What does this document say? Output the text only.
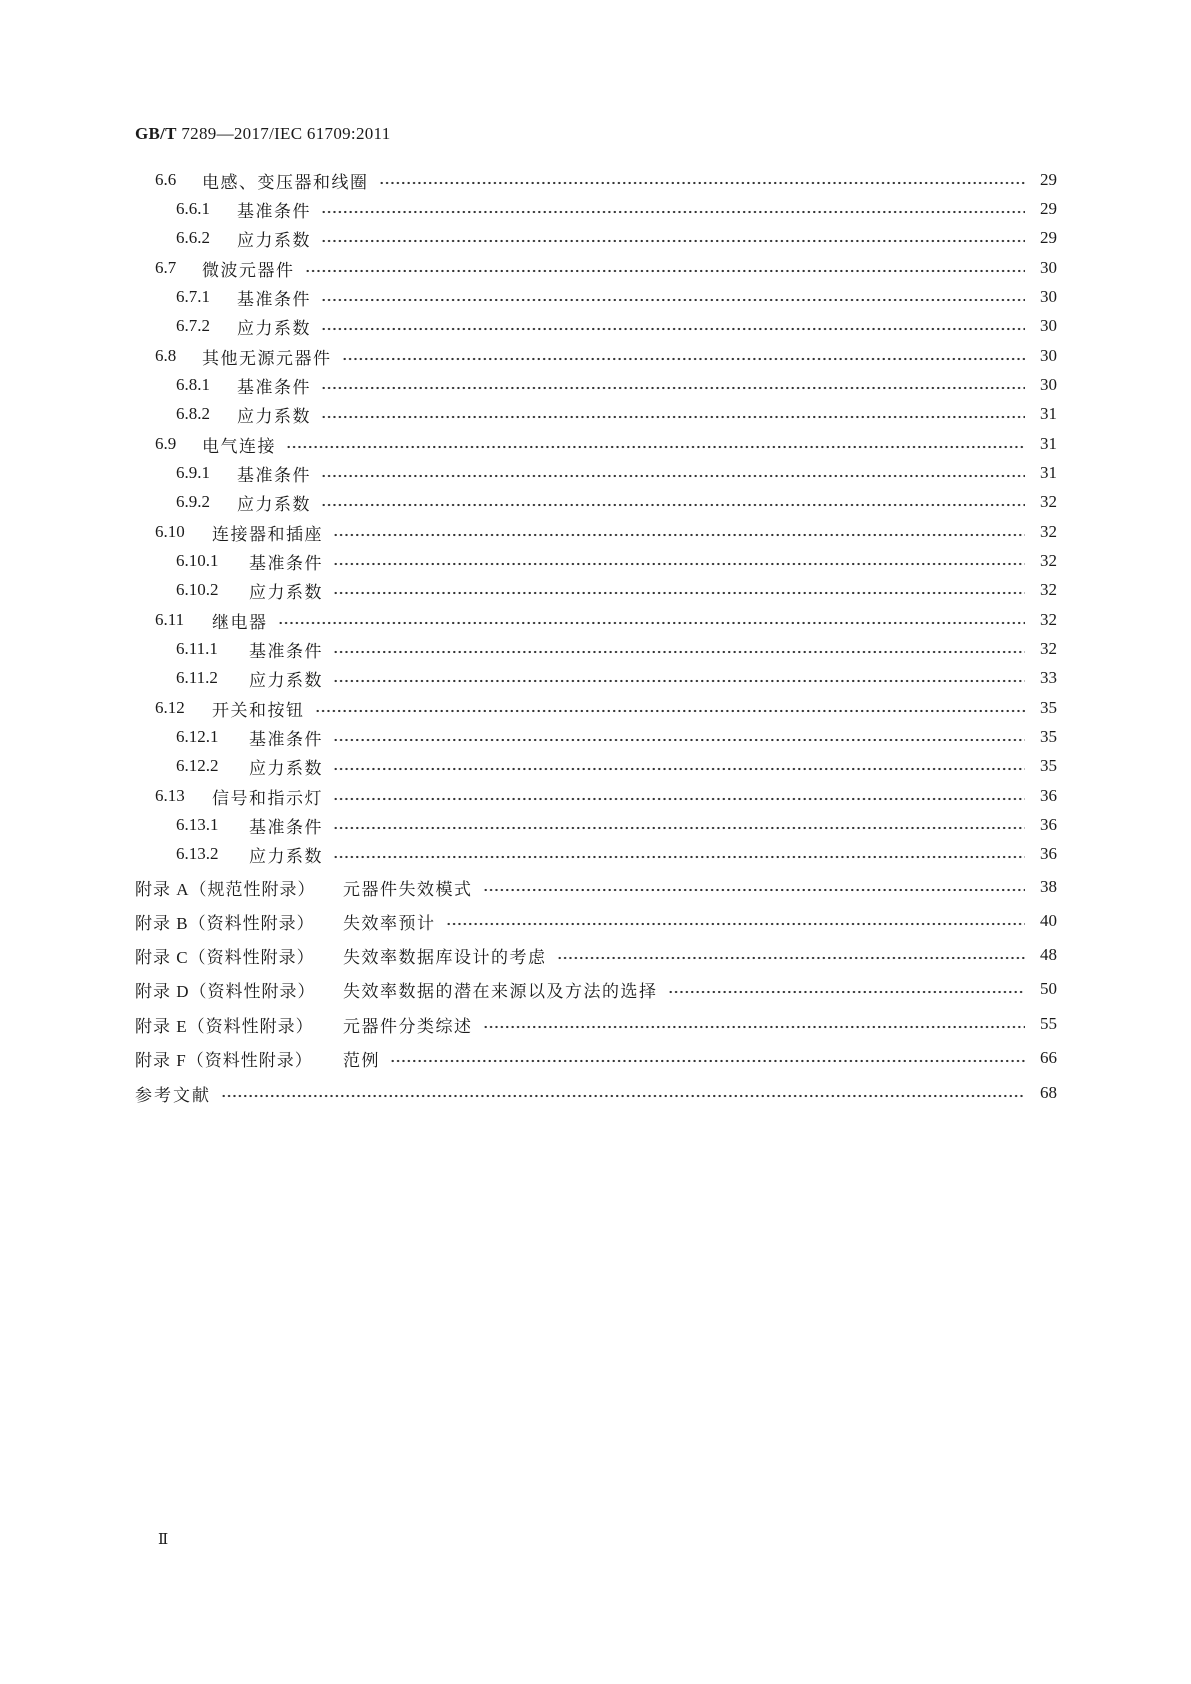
GB/T 7289—2017/IEC 61709:2011
6.6	电感、变压器和线圈	29
6.6.1	基准条件	29
6.6.2	应力系数	29
6.7	微波元器件	30
6.7.1	基准条件	30
6.7.2	应力系数	30
6.8	其他无源元器件	30
6.8.1	基准条件	30
6.8.2	应力系数	31
6.9	电气连接	31
6.9.1	基准条件	31
6.9.2	应力系数	32
6.10	连接器和插座	32
6.10.1	基准条件	32
6.10.2	应力系数	32
6.11	继电器	32
6.11.1	基准条件	32
6.11.2	应力系数	33
6.12	开关和按钮	35
6.12.1	基准条件	35
6.12.2	应力系数	35
6.13	信号和指示灯	36
6.13.1	基准条件	36
6.13.2	应力系数	36
附录 A（规范性附录）	元器件失效模式	38
附录 B（资料性附录）	失效率预计	40
附录 C（资料性附录）	失效率数据库设计的考虑	48
附录 D（资料性附录）	失效率数据的潜在来源以及方法的选择	50
附录 E（资料性附录）	元器件分类综述	55
附录 F（资料性附录）	范例	66
参考文献	68
Ⅱ
